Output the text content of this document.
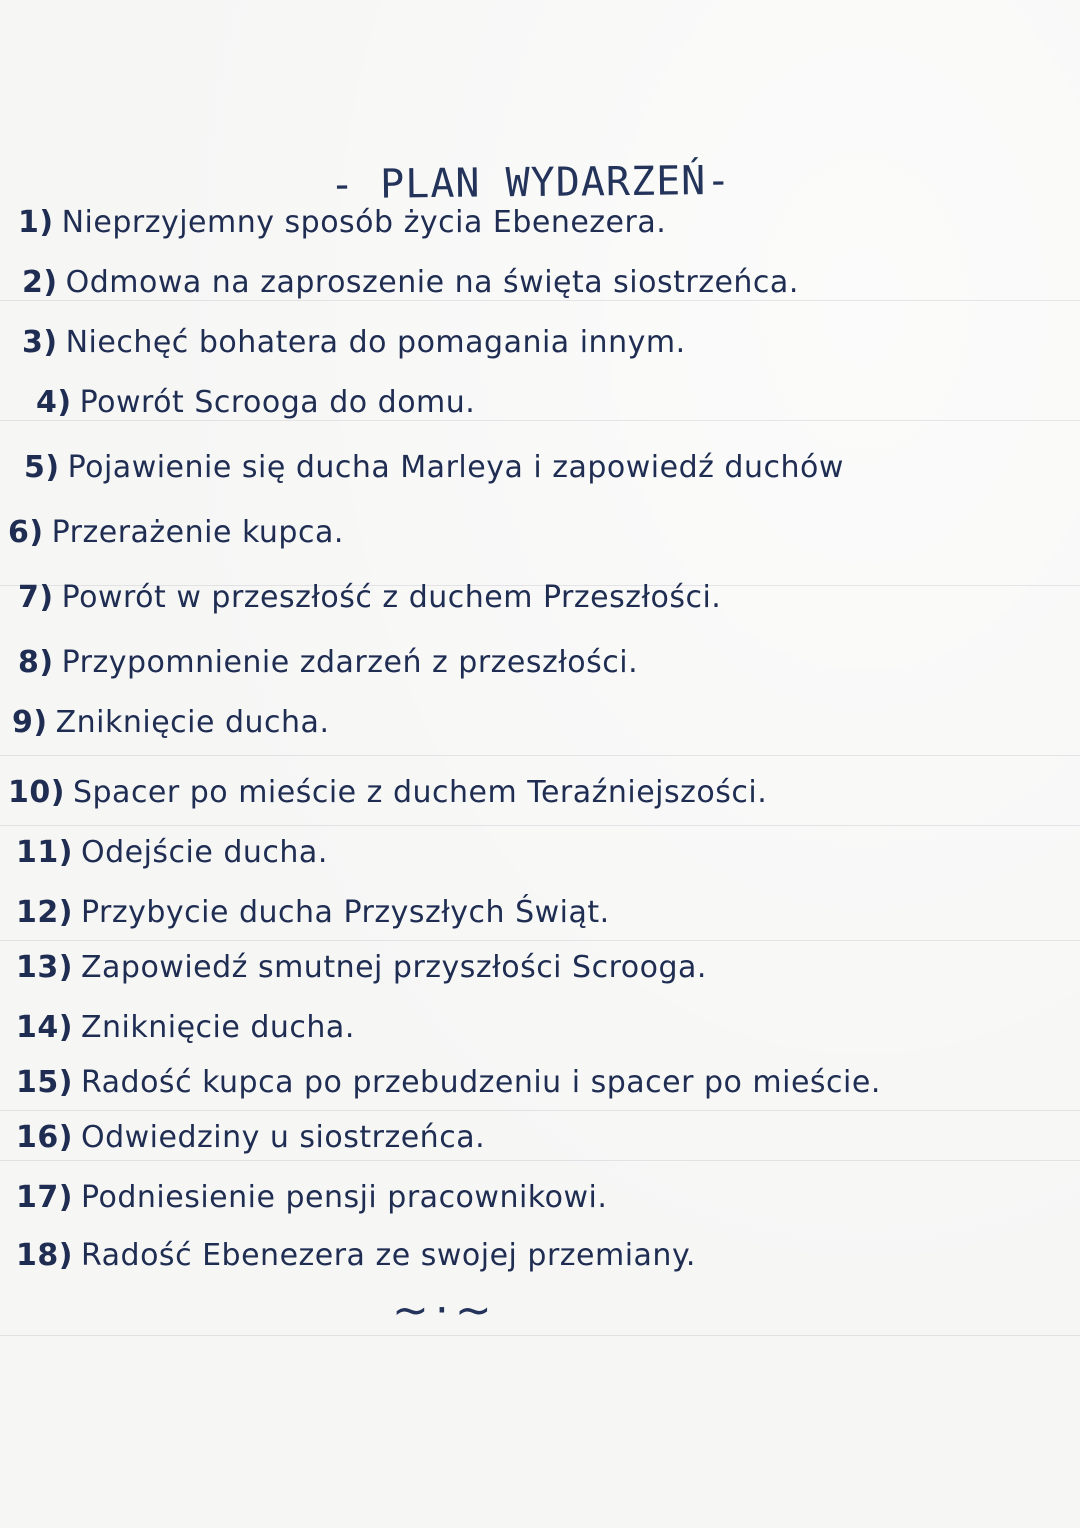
- PLAN WYDARZEŃ-
1) Nieprzyjemny sposób życia Ebenezera.
2) Odmowa na zaproszenie na święta siostrzeńca.
3) Niechęć bohatera do pomagania innym.
4) Powrót Scrooga do domu.
5) Pojawienie się ducha Marleya i zapowiedź duchów
6) Przerażenie kupca.
7) Powrót w przeszłość z duchem Przeszłości.
8) Przypomnienie zdarzeń z przeszłości.
9) Zniknięcie ducha.
10) Spacer po mieście z duchem Teraźniejszości.
11) Odejście ducha.
12) Przybycie ducha Przyszłych Świąt.
13) Zapowiedź smutnej przyszłości Scrooga.
14) Zniknięcie ducha.
15) Radość kupca po przebudzeniu i spacer po mieście.
16) Odwiedziny u siostrzeńca.
17) Podniesienie pensji pracownikowi.
18) Radość Ebenezera ze swojej przemiany.
~·~
